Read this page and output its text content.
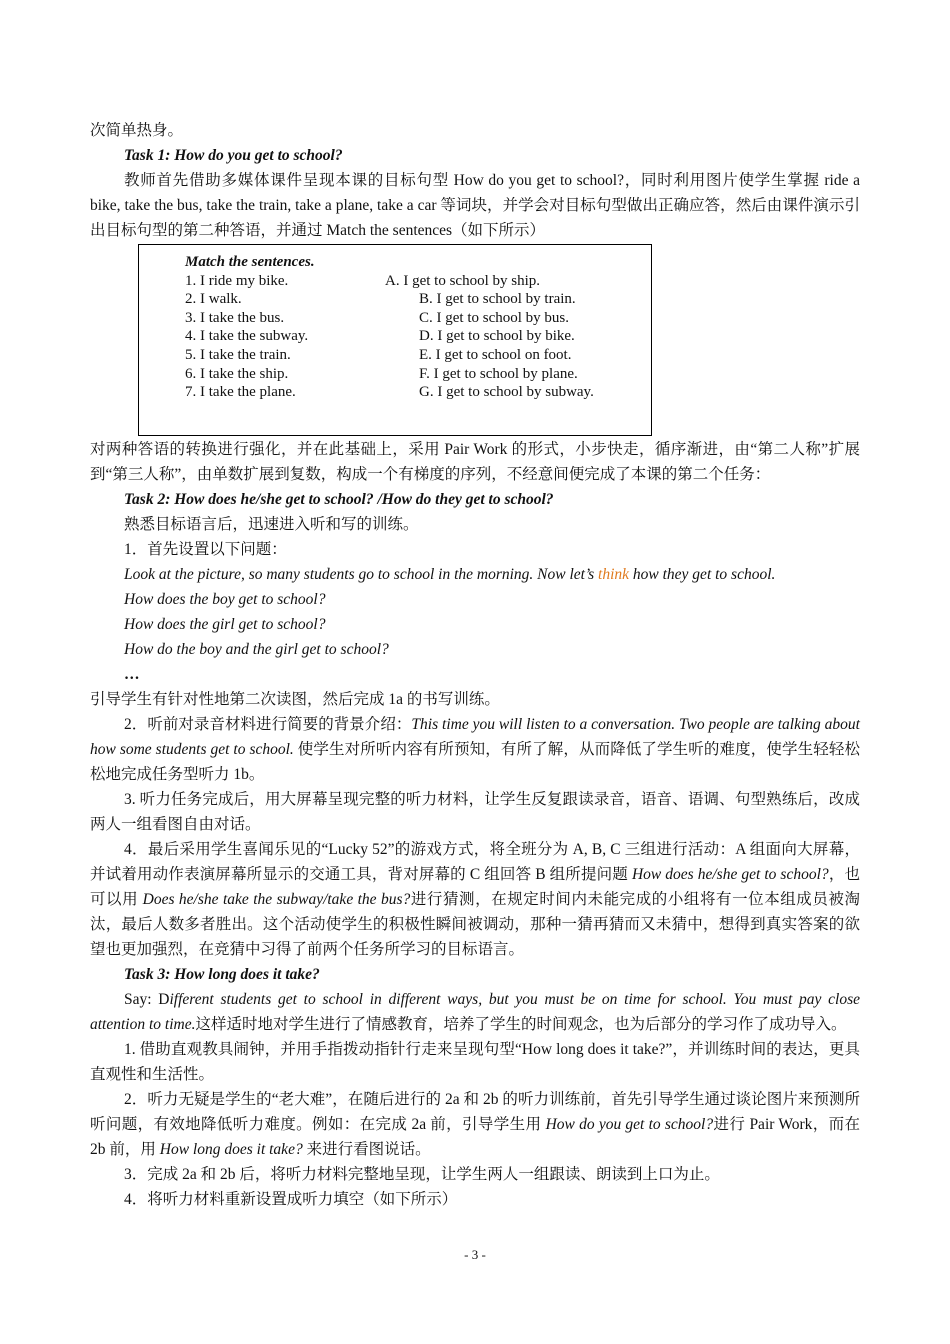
次简单热身。

Task 1: How do you get to school?

教师首先借助多媒体课件呈现本课的目标句型 How do you get to school?，同时利用图片使学生掌握 ride a bike, take the bus, take the train, take a plane, take a car 等词块，并学会对目标句型做出正确应答，然后由课件演示引出目标句型的第二种答语，并通过 Match the sentences（如下所示）

Match the sentences.
1. I ride my bike.	A. I get to school by ship.
2. I walk.	B. I get to school by train.
3. I take the bus.	C. I get to school by bus.
4. I take the subway.	D. I get to school by bike.
5. I take the train.	E. I get to school on foot.
6. I take the ship.	F. I get to school by plane.
7. I take the plane.	G. I get to school by subway.

对两种答语的转换进行强化，并在此基础上，采用 Pair Work 的形式，小步快走，循序渐进，由“第二人称”扩展到“第三人称”，由单数扩展到复数，构成一个有梯度的序列，不经意间便完成了本课的第二个任务：

Task 2: How does he/she get to school? /How do they get to school?

熟悉目标语言后，迅速进入听和写的训练。

1．首先设置以下问题：

Look at the picture, so many students go to school in the morning. Now let’s think how they get to school.

How does the boy get to school?

How does the girl get to school?

How do the boy and the girl get to school?

…

引导学生有针对性地第二次读图，然后完成 1a 的书写训练。

2．听前对录音材料进行简要的背景介绍：This time you will listen to a conversation. Two people are talking about how some students get to school. 使学生对所听内容有所预知，有所了解，从而降低了学生听的难度，使学生轻轻松松地完成任务型听力 1b。

3. 听力任务完成后，用大屏幕呈现完整的听力材料，让学生反复跟读录音，语音、语调、句型熟练后，改成两人一组看图自由对话。

4．最后采用学生喜闻乐见的“Lucky 52”的游戏方式，将全班分为 A, B, C 三组进行活动：A 组面向大屏幕，并试着用动作表演屏幕所显示的交通工具，背对屏幕的 C 组回答 B 组所提问题 How does he/she get to school?，也可以用 Does he/she take the subway/take the bus?进行猜测，在规定时间内未能完成的小组将有一位本组成员被淘汰，最后人数多者胜出。这个活动使学生的积极性瞬间被调动，那种一猜再猜而又未猜中，想得到真实答案的欲望也更加强烈，在竞猜中习得了前两个任务所学习的目标语言。

Task 3: How long does it take?

Say: Different students get to school in different ways, but you must be on time for school. You must pay close attention to time.这样适时地对学生进行了情感教育，培养了学生的时间观念，也为后部分的学习作了成功导入。

1. 借助直观教具闹钟，并用手指拨动指针行走来呈现句型“How long does it take?”，并训练时间的表达，更具直观性和生活性。

2．听力无疑是学生的“老大难”，在随后进行的 2a 和 2b 的听力训练前，首先引导学生通过谈论图片来预测所听问题，有效地降低听力难度。例如：在完成 2a 前，引导学生用 How do you get to school?进行 Pair Work，而在 2b 前，用 How long does it take? 来进行看图说话。

3．完成 2a 和 2b 后，将听力材料完整地呈现，让学生两人一组跟读、朗读到上口为止。

4．将听力材料重新设置成听力填空（如下所示）

- 3 -
